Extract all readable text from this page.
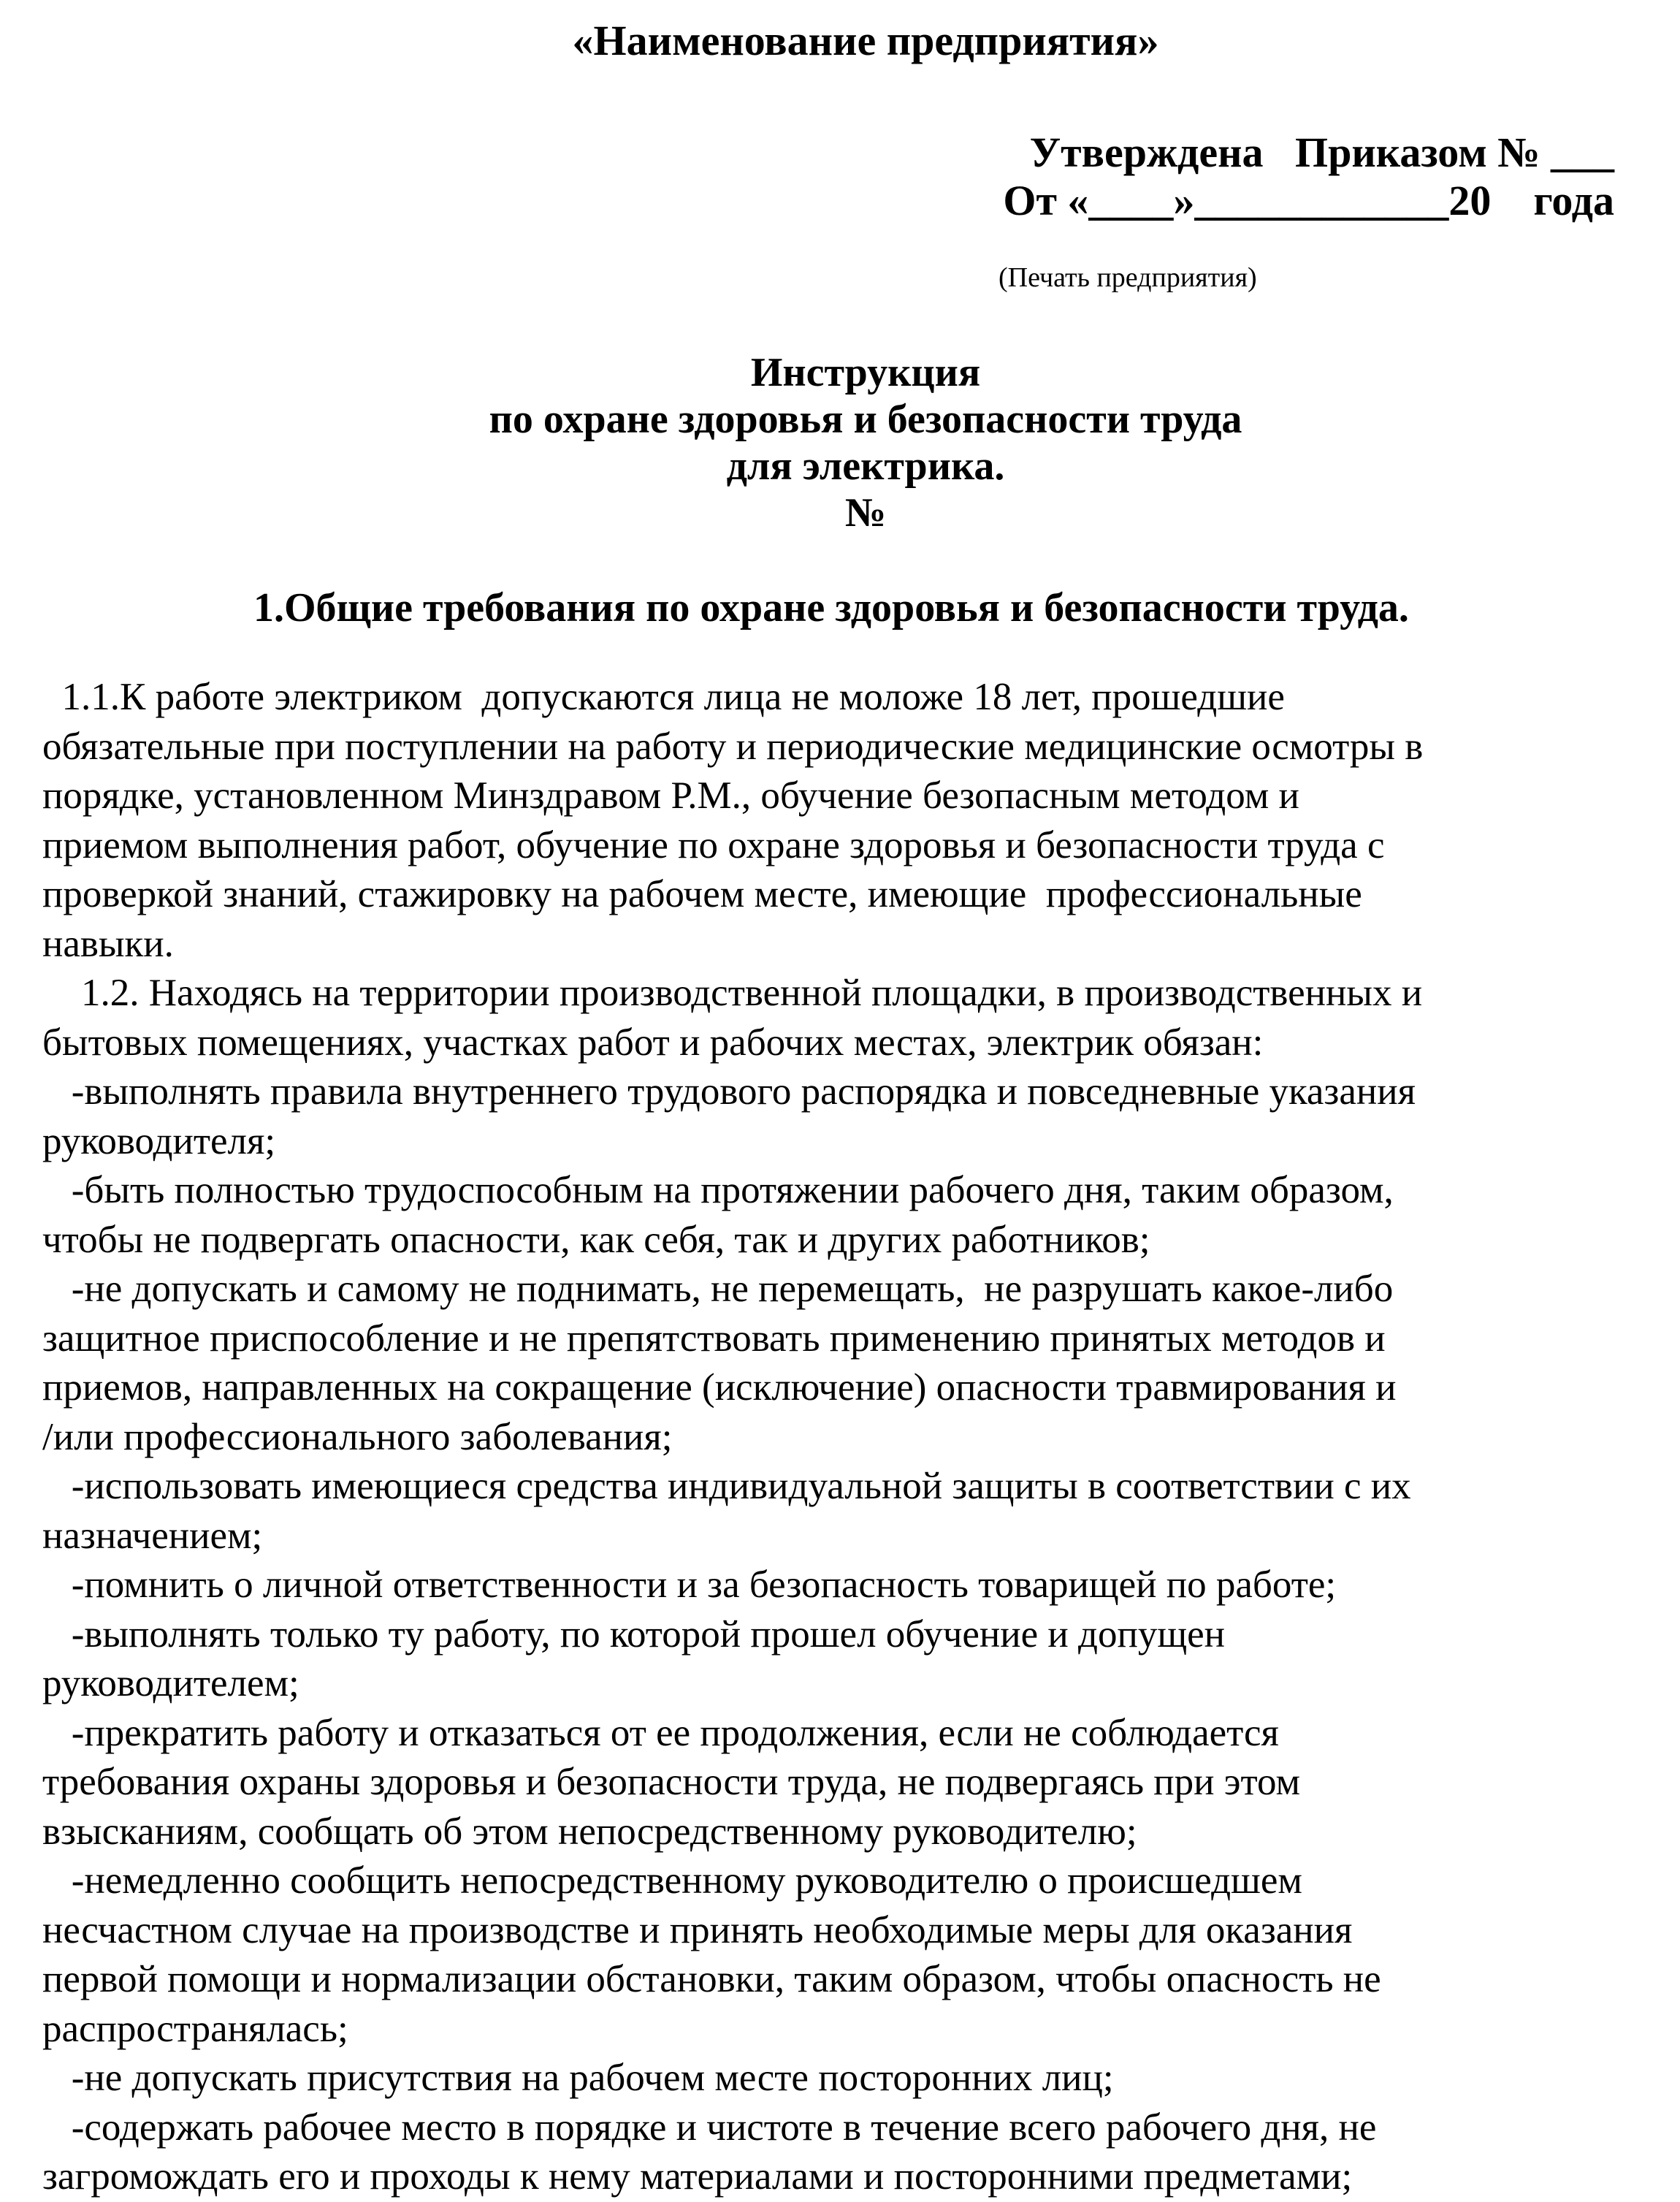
«Наименование предприятия»
Утверждена   Приказом № ___
От «____»____________20    года
(Печать предприятия)
Инструкция
по охране здоровья и безопасности труда
для электрика.
№
1.Общие требования по охране здоровья и безопасности труда.
1.1.К работе электриком  допускаются лица не моложе 18 лет, прошедшие
обязательные при поступлении на работу и периодические медицинские осмотры в
порядке, установленном Минздравом Р.М., обучение безопасным методом и
приемом выполнения работ, обучение по охране здоровья и безопасности труда с
проверкой знаний, стажировку на рабочем месте, имеющие  профессиональные
навыки.
1.2. Находясь на территории производственной площадки, в производственных и
бытовых помещениях, участках работ и рабочих местах, электрик обязан:
-выполнять правила внутреннего трудового распорядка и повседневные указания
руководителя;
-быть полностью трудоспособным на протяжении рабочего дня, таким образом,
чтобы не подвергать опасности, как себя, так и других работников;
-не допускать и самому не поднимать, не перемещать,  не разрушать какое-либо
защитное приспособление и не препятствовать применению принятых методов и
приемов, направленных на сокращение (исключение) опасности травмирования и
/или профессионального заболевания;
-использовать имеющиеся средства индивидуальной защиты в соответствии с их
назначением;
-помнить о личной ответственности и за безопасность товарищей по работе;
-выполнять только ту работу, по которой прошел обучение и допущен
руководителем;
-прекратить работу и отказаться от ее продолжения, если не соблюдается
требования охраны здоровья и безопасности труда, не подвергаясь при этом
взысканиям, сообщать об этом непосредственному руководителю;
-немедленно сообщить непосредственному руководителю о происшедшем
несчастном случае на производстве и принять необходимые меры для оказания
первой помощи и нормализации обстановки, таким образом, чтобы опасность не
распространялась;
-не допускать присутствия на рабочем месте посторонних лиц;
-содержать рабочее место в порядке и чистоте в течение всего рабочего дня, не
загромождать его и проходы к нему материалами и посторонними предметами;
